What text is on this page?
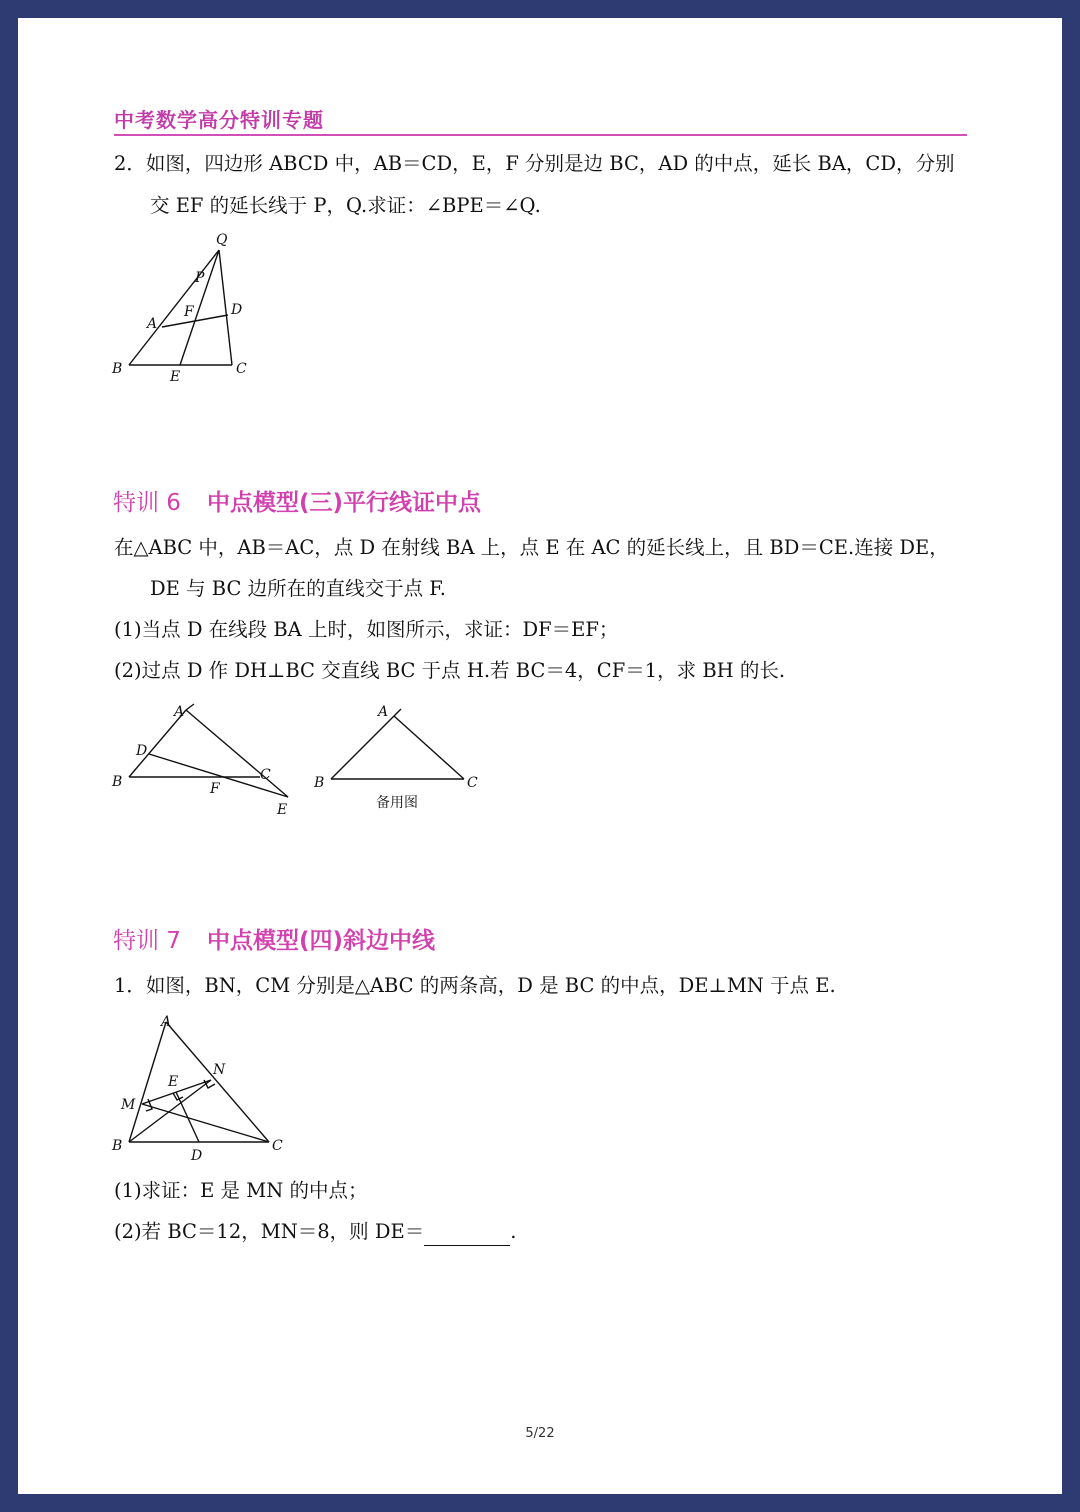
中考数学高分特训专题
2．如图，四边形 ABCD 中，AB＝CD，E，F 分别是边 BC，AD 的中点，延长 BA，CD，分别
交 EF 的延长线于 P，Q.求证：∠BPE＝∠Q.
Q
P
D
A
F
B	E	C
特训 6 中点模型(三)平行线证中点
在△ABC 中，AB＝AC，点 D 在射线 BA 上，点 E 在 AC 的延长线上，且 BD＝CE.连接 DE，
DE 与 BC 边所在的直线交于点 F.
(1)当点 D 在线段 BA 上时，如图所示，求证：DF＝EF；
(2)过点 D 作 DH⊥BC 交直线 BC 于点 H.若 BC＝4，CF＝1，求 BH 的长.
A
D
B	C
F
E
A
B	C
备用图
特训 7 中点模型(四)斜边中线
1．如图，BN，CM 分别是△ABC 的两条高，D 是 BC 的中点，DE⊥MN 于点 E.
A
N
E
M
B
D
C
(1)求证：E 是 MN 的中点；
(2)若 BC＝12，MN＝8，则 DE＝	.
5/22
